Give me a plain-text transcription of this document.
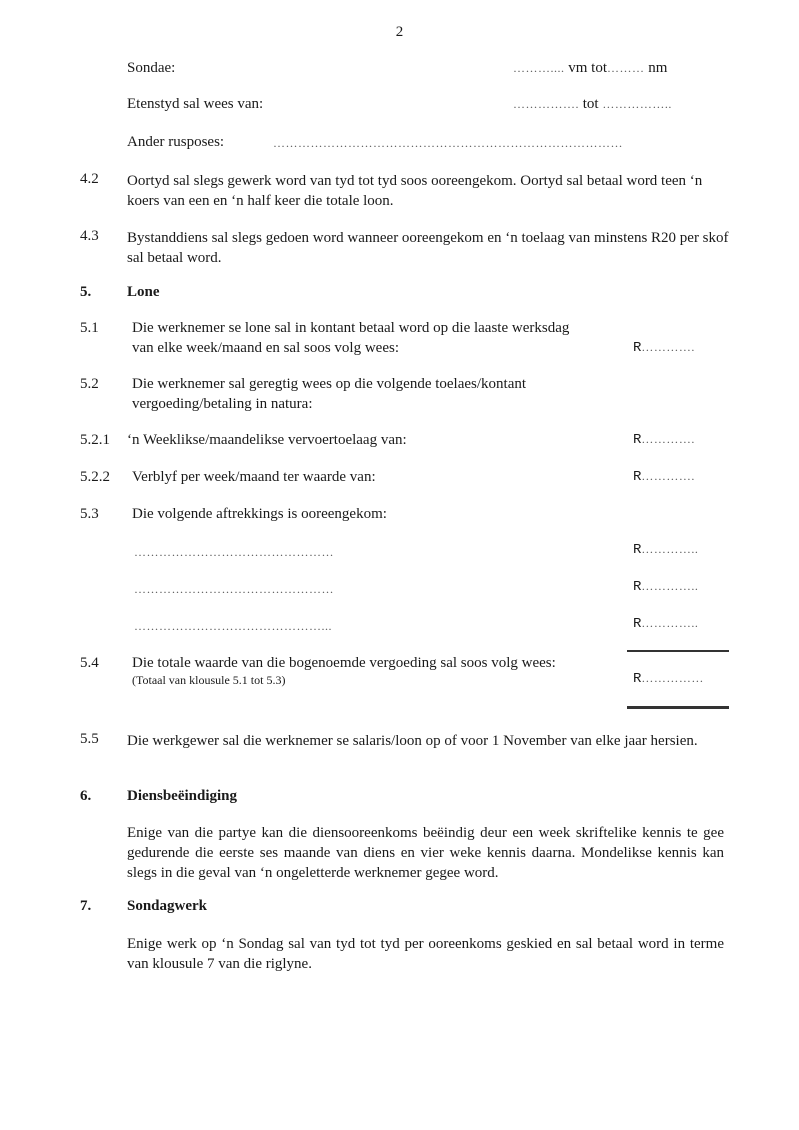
2
Sondae:	……….... vm tot……… nm
Etenstyd sal wees van:	……………. tot ……………..
Ander rusposes:	…………………………………………………………………………
4.2 Oortyd sal slegs gewerk word van tyd tot tyd soos ooreengekom. Oortyd sal betaal word teen ‘n koers van een en ‘n half keer die totale loon.
4.3 Bystanddiens sal slegs gedoen word wanneer ooreengekom en ‘n toelaag van minstens R20 per skof sal betaal word.
5. Lone
5.1 Die werknemer se lone sal in kontant betaal word op die laaste werksdag
van elke week/maand en sal soos volg wees:	R………….
5.2 Die werknemer sal geregtig wees op die volgende toelaes/kontant
vergoeding/betaling in natura:
5.2.1 ‘n Weeklikse/maandelikse vervoertoelaag van:	R………….
5.2.2 Verblyf per week/maand ter waarde van:	R………….
5.3 Die volgende aftrekkings is ooreengekom:
…………………………………………	R…………..
…………………………………………	R…………..
………………………………………...	R…………..
5.4 Die totale waarde van die bogenoemde vergoeding sal soos volg wees:
(Totaal van klousule 5.1 tot 5.3)	R……………
5.5 Die werkgewer sal die werknemer se salaris/loon op of voor 1 November van elke jaar hersien.
6. Diensbeëindiging
Enige van die partye kan die diensooreenkoms beëindig deur een week skriftelike kennis te gee gedurende die eerste ses maande van diens en vier weke kennis daarna. Mondelikse kennis kan slegs in die geval van ‘n ongeletterde werknemer gegee word.
7. Sondagwerk
Enige werk op ‘n Sondag sal van tyd tot tyd per ooreenkoms geskied en sal betaal word in terme van klousule 7 van die riglyne.
